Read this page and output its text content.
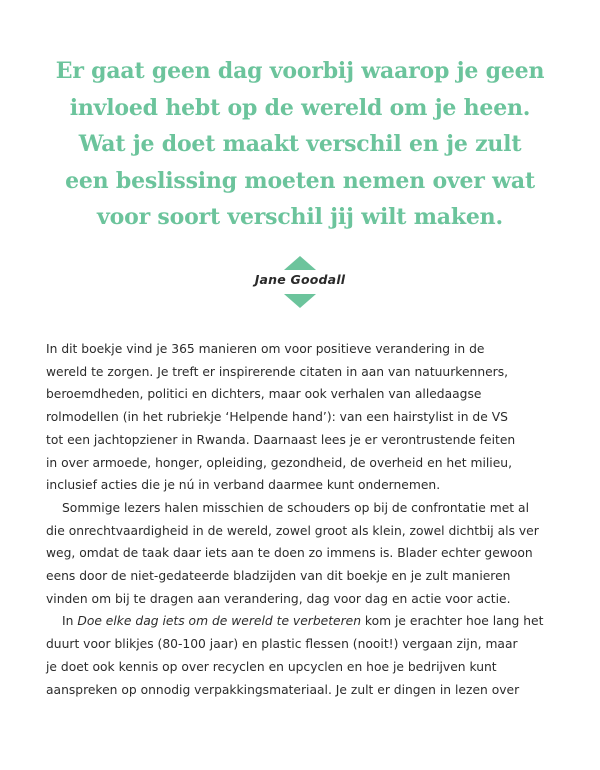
Er gaat geen dag voorbij waarop je geen
invloed hebt op de wereld om je heen.
Wat je doet maakt verschil en je zult
een beslissing moeten nemen over wat
voor soort verschil jij wilt maken.
Jane Goodall
In dit boekje vind je 365 manieren om voor positieve verandering in de
wereld te zorgen. Je treft er inspirerende citaten in aan van natuurkenners,
beroemdheden, politici en dichters, maar ook verhalen van alledaagse
rolmodellen (in het rubriekje ‘Helpende hand’): van een hairstylist in de VS
tot een jachtopziener in Rwanda. Daarnaast lees je er verontrustende feiten
in over armoede, honger, opleiding, gezondheid, de overheid en het milieu,
inclusief acties die je nú in verband daarmee kunt ondernemen.
Sommige lezers halen misschien de schouders op bij de confrontatie met al
die onrechtvaardigheid in de wereld, zowel groot als klein, zowel dichtbij als ver
weg, omdat de taak daar iets aan te doen zo immens is. Blader echter gewoon
eens door de niet-gedateerde bladzijden van dit boekje en je zult manieren
vinden om bij te dragen aan verandering, dag voor dag en actie voor actie.
In Doe elke dag iets om de wereld te verbeteren kom je erachter hoe lang het
duurt voor blikjes (80-100 jaar) en plastic flessen (nooit!) vergaan zijn, maar
je doet ook kennis op over recyclen en upcyclen en hoe je bedrijven kunt
aanspreken op onnodig verpakkingsmateriaal. Je zult er dingen in lezen over
